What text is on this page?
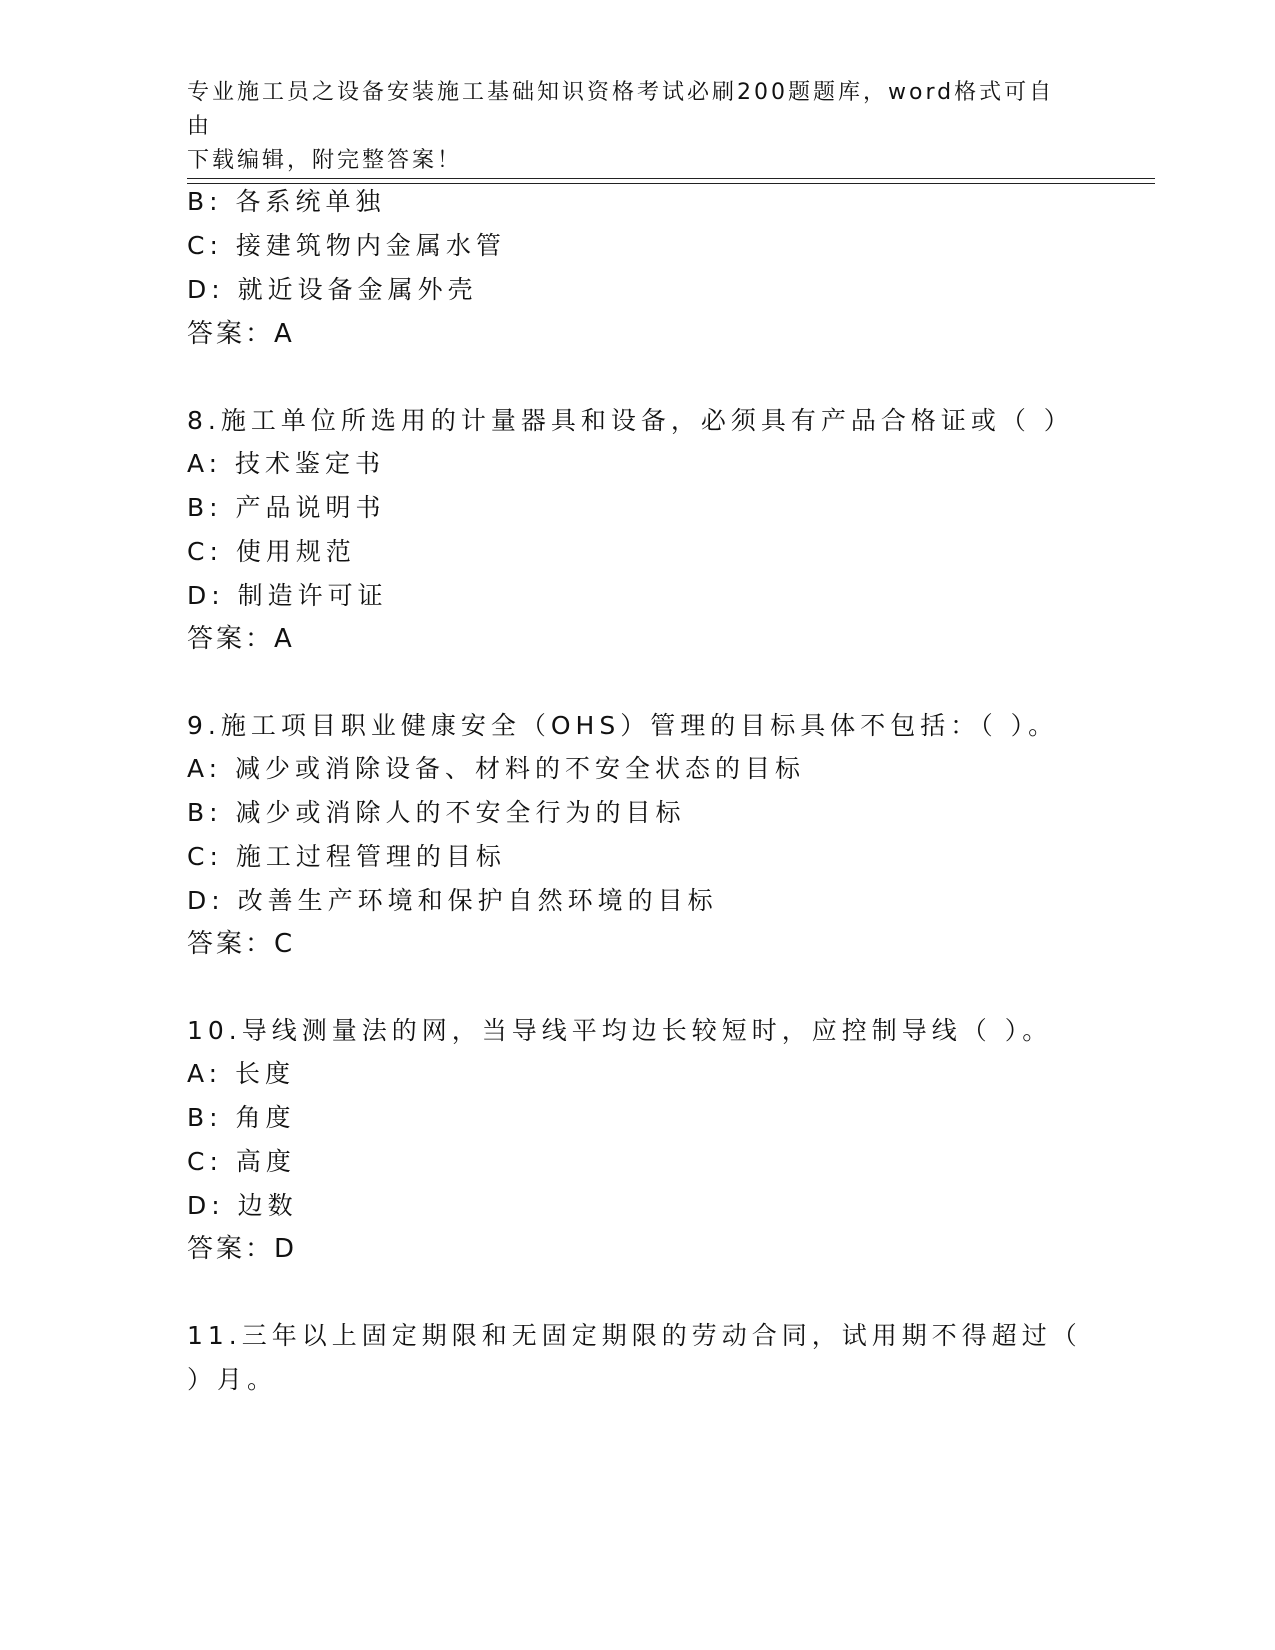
专业施工员之设备安装施工基础知识资格考试必刷200题题库，word格式可自由
下载编辑，附完整答案！
B: 各系统单独
C: 接建筑物内金属水管
D: 就近设备金属外壳
答案：A
8.施工单位所选用的计量器具和设备，必须具有产品合格证或（ ）
A: 技术鉴定书
B: 产品说明书
C: 使用规范
D: 制造许可证
答案：A
9.施工项目职业健康安全（OHS）管理的目标具体不包括：（ ）。
A: 减少或消除设备、材料的不安全状态的目标
B: 减少或消除人的不安全行为的目标
C: 施工过程管理的目标
D: 改善生产环境和保护自然环境的目标
答案：C
10.导线测量法的网，当导线平均边长较短时，应控制导线（ ）。
A: 长度
B: 角度
C: 高度
D: 边数
答案：D
11.三年以上固定期限和无固定期限的劳动合同，试用期不得超过（
）月。
